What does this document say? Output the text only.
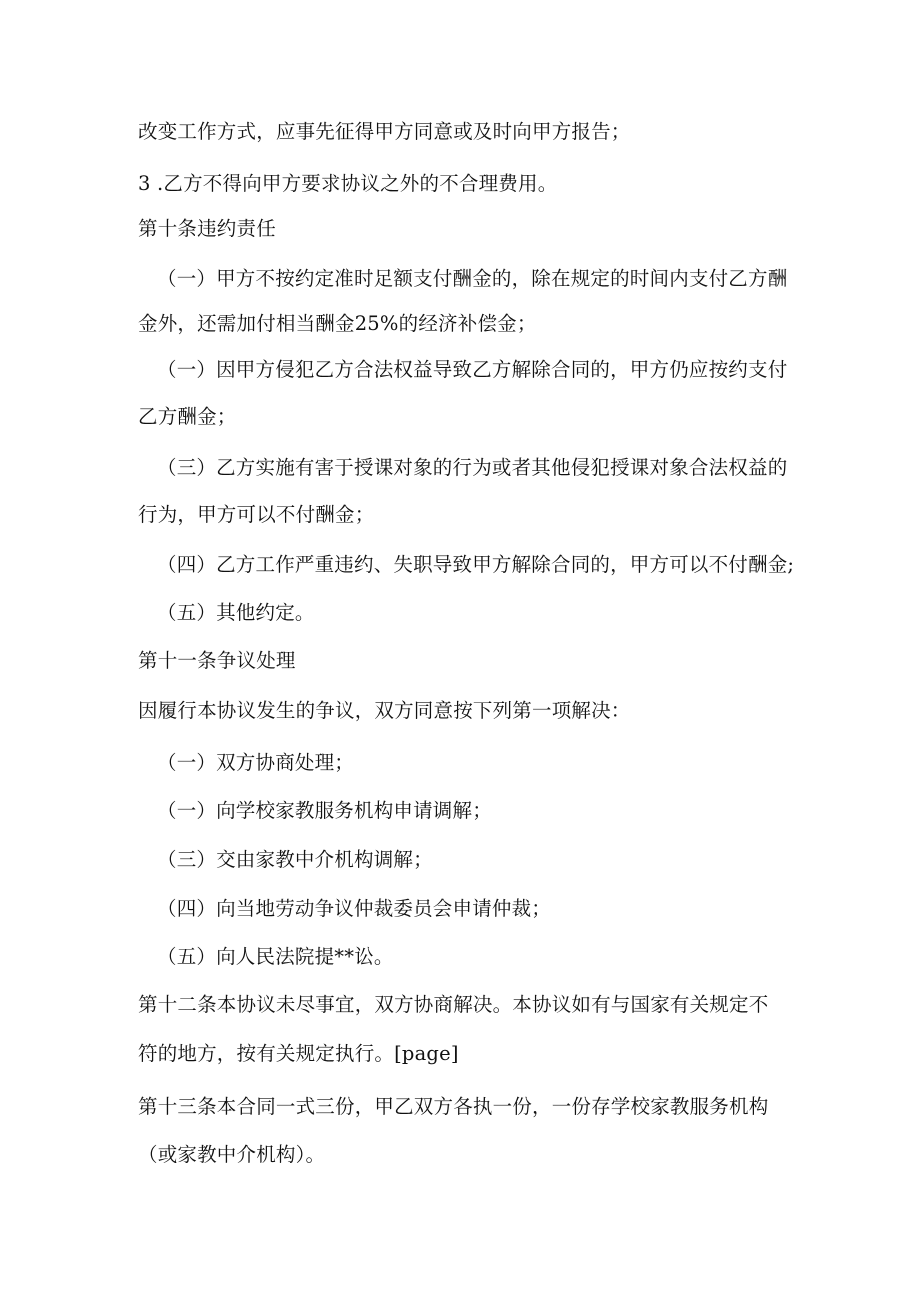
改变工作方式，应事先征得甲方同意或及时向甲方报告；
3 .乙方不得向甲方要求协议之外的不合理费用。
第十条违约责任
（一）甲方不按约定准时足额支付酬金的，除在规定的时间内支付乙方酬
金外，还需加付相当酬金25%的经济补偿金；
（一）因甲方侵犯乙方合法权益导致乙方解除合同的，甲方仍应按约支付
乙方酬金；
（三）乙方实施有害于授课对象的行为或者其他侵犯授课对象合法权益的
行为，甲方可以不付酬金；
（四）乙方工作严重违约、失职导致甲方解除合同的，甲方可以不付酬金;
（五）其他约定。
第十一条争议处理
因履行本协议发生的争议，双方同意按下列第一项解决：
（一）双方协商处理；
（一）向学校家教服务机构申请调解；
（三）交由家教中介机构调解；
（四）向当地劳动争议仲裁委员会申请仲裁；
（五）向人民法院提**讼。
第十二条本协议未尽事宜，双方协商解决。本协议如有与国家有关规定不
符的地方，按有关规定执行。[page]
第十三条本合同一式三份，甲乙双方各执一份，一份存学校家教服务机构
（或家教中介机构）。
